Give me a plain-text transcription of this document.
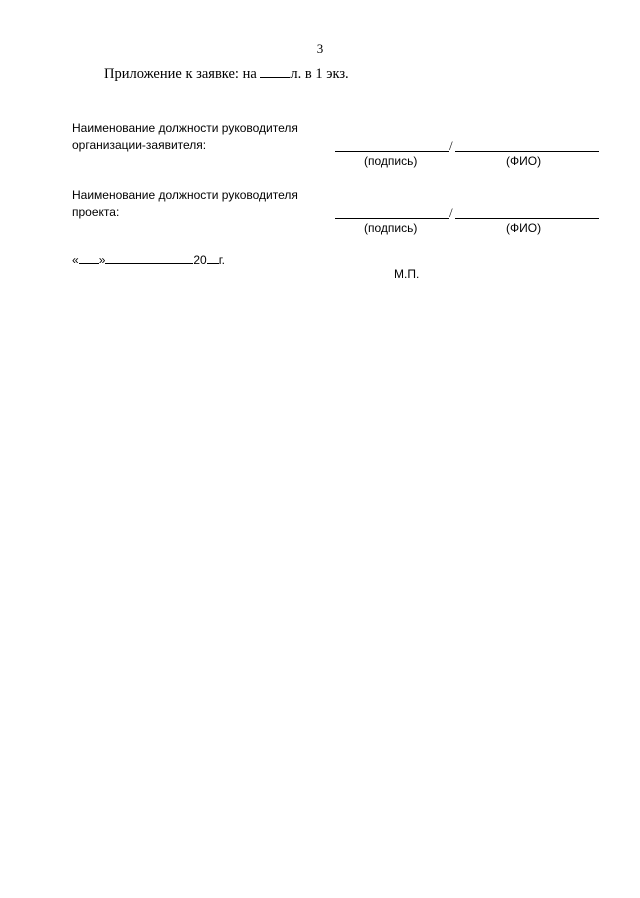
3
Приложение к заявке: на л. в 1 экз.
Наименование должности руководителя
организации-заявителя:	/
(подпись)	(ФИО)
Наименование должности руководителя
проекта:	/
(подпись)	(ФИО)
« »	20 г.
М.П.
